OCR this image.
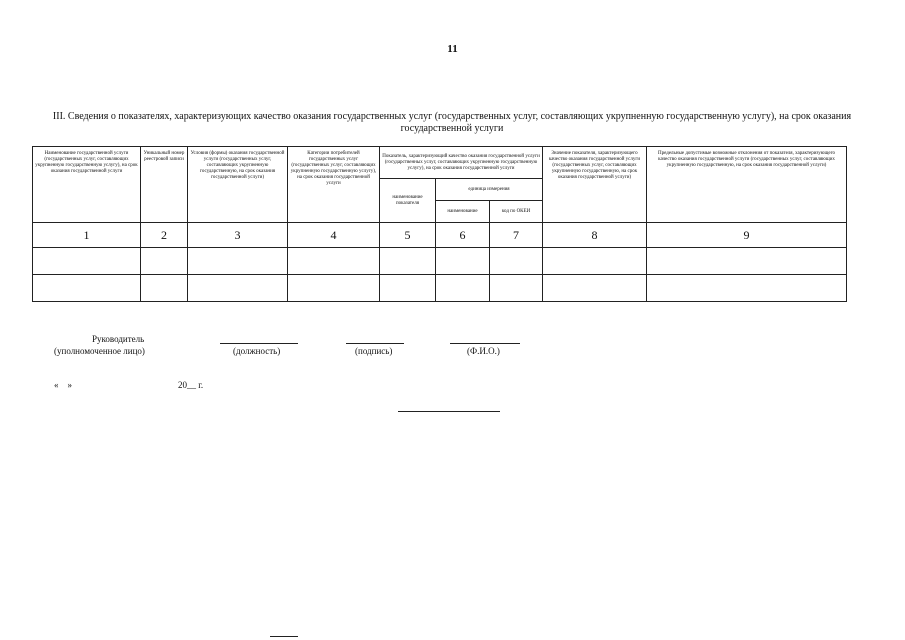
11
III. Сведения о показателях, характеризующих качество оказания государственных услуг (государственных услуг, составляющих укрупненную государственную услугу), на срок оказания государственной услуги
Наименование государственной услуги (государственных услуг, составляющих укрупненную государственную услугу), на срок оказания государственной услуги	Уникальный номер реестровой записи	Условия (формы) оказания государственной услуги (государственных услуг, составляющих укрупненную государственную, на срок оказания государственной услуги)	Категории потребителей государственных услуг (государственных услуг, составляющих укрупненную государственную услугу), на срок оказания государственной услуги	Показатель, характеризующий качество оказания государственной услуги (государственных услуг, составляющих укрупненную государственную услугу), на срок оказания государственной услуги			Значение показателя, характеризующего качество оказания государственной услуги (государственных услуг, составляющих укрупненную государственную, на срок оказания государственной услуги)	Предельные допустимые возможные отклонения от показателя, характеризующего качество оказания государственной услуги (государственных услуг, составляющих укрупненную государственную, на срок оказания государственной услуги)
				наименование показателя	единица измерения			
					наименование	код по ОКЕИ		
1	2	3	4	5	6	7	8	9

Руководитель
(уполномоченное лицо)	(должность)	(подпись)	(Ф.И.О.)
«    »	20__ г.
